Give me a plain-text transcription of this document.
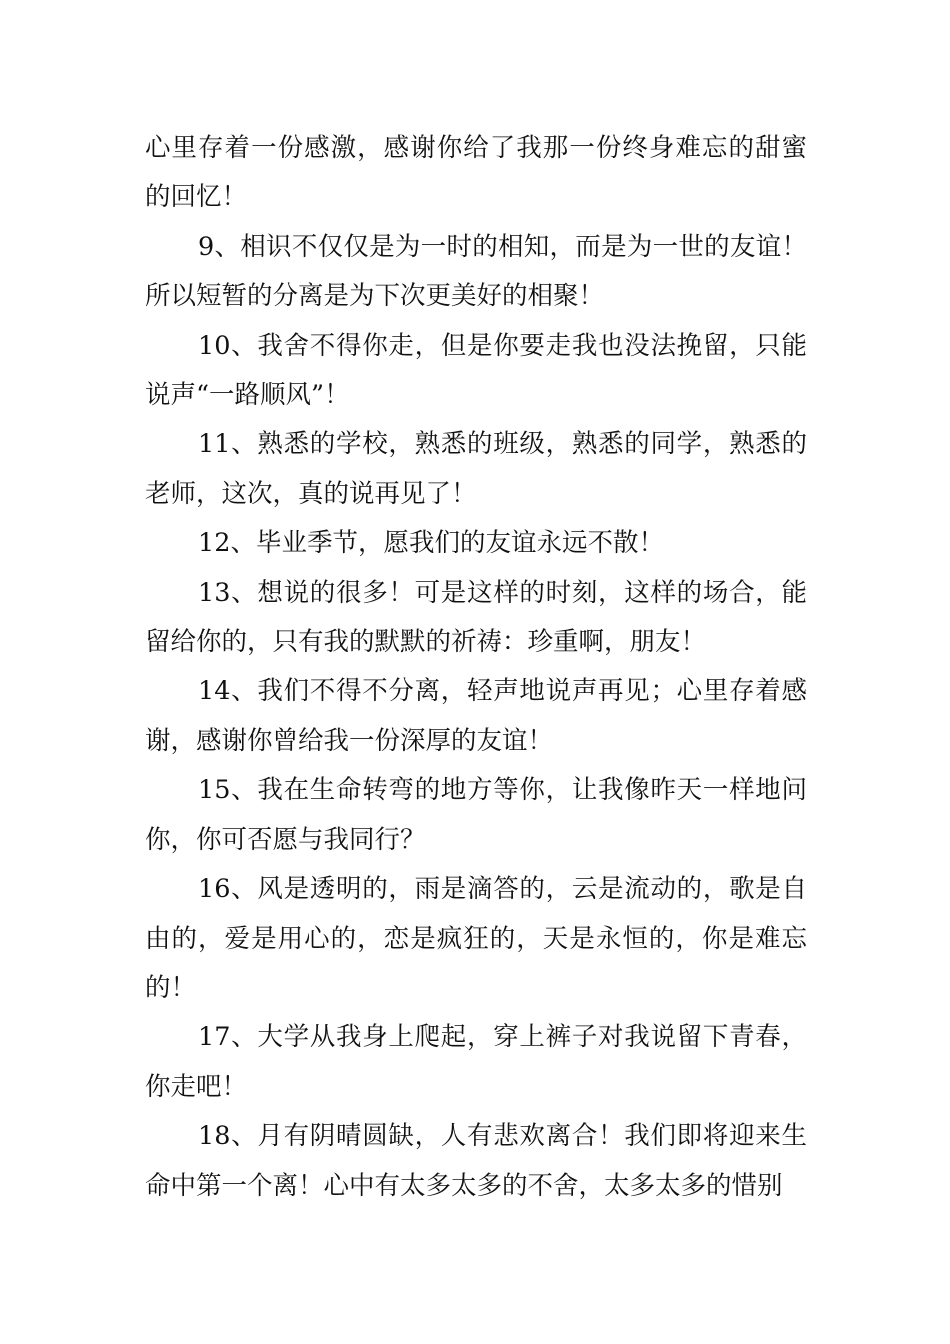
心里存着一份感激，感谢你给了我那一份终身难忘的甜蜜的回忆！

9、相识不仅仅是为一时的相知，而是为一世的友谊！所以短暂的分离是为下次更美好的相聚！

10、我舍不得你走，但是你要走我也没法挽留，只能说声“一路顺风”！

11、熟悉的学校，熟悉的班级，熟悉的同学，熟悉的老师，这次，真的说再见了！

12、毕业季节，愿我们的友谊永远不散！

13、想说的很多！可是这样的时刻，这样的场合，能留给你的，只有我的默默的祈祷：珍重啊，朋友！

14、我们不得不分离，轻声地说声再见；心里存着感谢，感谢你曾给我一份深厚的友谊！

15、我在生命转弯的地方等你，让我像昨天一样地问你，你可否愿与我同行？

16、风是透明的，雨是滴答的，云是流动的，歌是自由的，爱是用心的，恋是疯狂的，天是永恒的，你是难忘的！

17、大学从我身上爬起，穿上裤子对我说留下青春，你走吧！

18、月有阴晴圆缺，人有悲欢离合！我们即将迎来生命中第一个离！心中有太多太多的不舍，太多太多的惜别
